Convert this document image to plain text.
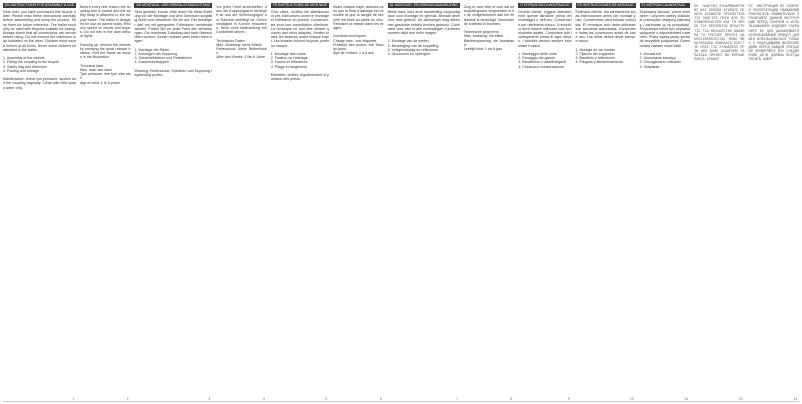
EN INSTRUCTIONS FOR ASSEMBLY & USE
Dear user, you have purchased this bicycle trailer. Please read these instructions carefully before assembling and using the product. Keep them for future reference. The trailer must only be used with bicycles suitable for towing. Always check that all connections are secure before riding. Do not exceed the maximum load indicated on the label. Children must wear a helmet at all times. Never leave children unattended in the trailer.

1. Assembly of the wheels
2. Fitting the coupling to the bicycle
3. Safety flag and reflectors
4. Folding and storage

Maintenance: check tyre pressure, spokes and the coupling regularly. Clean with mild soapy water only.
1
Before every ride ensure the coupling arm is locked and the safety strap is attached to the bicycle frame. The trailer is designed for use on paved roads. Reduce speed on bends and slopes. Do not ride in the dark without lights.

Packing up: remove the wheels by pressing the quick release buttons. Fold the frame as shown in the illustration.

Technical data
Max. load: see label
Tyre pressure: see tyre side wall
Age of child: 1 to 6 years
2
DE MONTAGE- UND GEBRAUCHSANLEITUNG
Sehr geehrter Kunde, bitte lesen Sie diese Anleitung vor der Montage und dem Gebrauch sorgfältig durch und bewahren Sie sie auf. Der Anhänger darf nur mit geeigneten Fahrrädern verwendet werden. Prüfen Sie vor jeder Fahrt alle Verbindungen. Die maximale Zuladung darf nicht überschritten werden. Kinder müssen stets einen Helm tragen.

1. Montage der Räder
2. Anbringen der Kupplung
3. Sicherheitsfahne und Reflektoren
4. Zusammenklappen

Wartung: Reifendruck, Speichen und Kupplung regelmäßig prüfen.
3
Vor jeder Fahrt sicherstellen, dass der Kupplungsarm verriegelt ist und der Sicherungsgurt am Rahmen befestigt ist. Geschwindigkeit in Kurven reduzieren. Nicht ohne Beleuchtung bei Dunkelheit fahren.

Technische Daten
Max. Zuladung: siehe Etikett
Reifendruck: siehe Reifenflanke
Alter des Kindes: 1 bis 6 Jahre
4
FR INSTRUCTIONS DE MONTAGE
Cher client, veuillez lire attentivement ces instructions avant le montage et l'utilisation du produit. Conservez-les pour une consultation ultérieure. La remorque ne doit être utilisée qu'avec des vélos adaptés. Vérifiez toutes les fixations avant chaque trajet. Les enfants doivent toujours porter un casque.

1. Montage des roues
2. Fixation de l'attelage
3. Fanion et réflecteurs
4. Pliage et rangement

Entretien: vérifiez régulièrement la pression des pneus.
5
Avant chaque trajet, assurez-vous que le bras d'attelage est verrouillé et que la sangle de sécurité est fixée au cadre du vélo. Réduisez la vitesse dans les virages.

Données techniques
Charge max.: voir étiquette
Pression des pneus: voir flanc du pneu
Âge de l'enfant: 1 à 6 ans
6
NL MONTAGE- EN GEBRUIKSAANWIJZING
Beste klant, lees deze handleiding zorgvuldig door voor montage en gebruik. Bewaar deze voor later gebruik. De aanhanger mag alleen met geschikte fietsen worden gebruikt. Controleer voor elke rit alle verbindingen. Kinderen moeten altijd een helm dragen.

1. Montage van de wielen
2. Bevestiging van de koppeling
3. Veiligheidsvlag en reflectoren
4. Opvouwen en opbergen
7
Zorg er voor elke rit voor dat de koppelingsarm vergrendeld is en de veiligheidsriem aan het fietsframe is bevestigd. Verminder de snelheid in bochten.

Technische gegevens
Max. belasting: zie etiket
Bandenspanning: zie bandwand
Leeftijd kind: 1 tot 6 jaar
8
IT ISTRUZIONI DI MONTAGGIO
Gentile cliente, leggere attentamente queste istruzioni prima del montaggio e dell'uso. Conservarle per riferimento futuro. Il rimorchio deve essere utilizzato solo con biciclette adatte. Controllare tutti i collegamenti prima di ogni utilizzo. I bambini devono sempre indossare il casco.

1. Montaggio delle ruote
2. Fissaggio del gancio
3. Bandierina e catarifrangenti
4. Chiusura e conservazione
9
ES INSTRUCCIONES DE MONTAJE
Estimado cliente, lea atentamente estas instrucciones antes del montaje y uso. Consérvelas para futuras consultas. El remolque solo debe utilizarse con bicicletas adecuadas. Compruebe todas las conexiones antes de cada uso. Los niños deben llevar siempre casco.

1. Montaje de las ruedas
2. Fijación del enganche
3. Banderín y reflectores
4. Plegado y almacenamiento
10
PL INSTRUKCJA MONTAŻU
Szanowny kliencie, przed montażem i użyciem należy dokładnie przeczytać niniejszą instrukcję i zachować ją na przyszłość. Przyczepka może być używana wyłącznie z odpowiednimi rowerami. Przed każdą jazdą sprawdź wszystkie połączenia. Dzieci muszą zawsze nosić kask.

1. Montaż kół
2. Mocowanie zaczepu
3. Chorągiewka i odblaski
4. Składanie
11
ΕΛ  ΟΔΗΓΙΕΣ ΣΥΝΑΡΜΟΛΟΓΗΣΗΣ ΚΑΙ ΧΡΗΣΗΣ ΑΓΑΠΗΤΕ ΠΕΛΑΤΗ ΔΙΑΒΑΣΤΕ ΠΡΟΣΕΚΤΙΚΑ ΤΙΣ ΟΔΗΓΙΕΣ ΠΡΙΝ ΑΠΟ ΤΗ ΣΥΝΑΡΜΟΛΟΓΗΣΗ ΚΑΙ ΤΗ ΧΡΗΣΗ ΤΟΥ ΠΡΟΪΟΝΤΟΣ ΦΥΛΑΞΤΕ ΤΙΣ ΓΙΑ ΜΕΛΛΟΝΤΙΚΗ ΑΝΑΦΟΡΑ ΤΟ ΤΡΕΙΛΕΡ ΠΡΕΠΕΙ ΝΑ ΧΡΗΣΙΜΟΠΟΙΕΙΤΑΙ ΜΟΝΟ ΜΕ ΚΑΤΑΛΛΗΛΑ ΠΟΔΗΛΑΤΑ ΕΛΕΓΞΤΕ ΟΛΕΣ ΤΙΣ ΣΥΝΔΕΣΕΙΣ ΠΡΙΝ ΑΠΟ ΚΑΘΕ ΔΙΑΔΡΟΜΗ ΤΑ ΠΑΙΔΙΑ ΠΡΕΠΕΙ ΝΑ ΦΟΡΑΝΕ ΠΑΝΤΑ ΚΡΑΝΟΣ
12
РУ  ИНСТРУКЦИЯ ПО СБОРКЕ И ЭКСПЛУАТАЦИИ УВАЖАЕМЫЙ ПОКУПАТЕЛЬ ВНИМАТЕЛЬНО ПРОЧИТАЙТЕ ДАННУЮ ИНСТРУКЦИЮ ПЕРЕД СБОРКОЙ И ИСПОЛЬЗОВАНИЕМ ИЗДЕЛИЯ СОХРАНИТЕ ЕЕ ДЛЯ ДАЛЬНЕЙШЕГО ИСПОЛЬЗОВАНИЯ ПРИЦЕП ДОЛЖЕН ИСПОЛЬЗОВАТЬСЯ ТОЛЬКО С ПОДХОДЯЩИМИ ВЕЛОСИПЕДАМИ ПЕРЕД КАЖДОЙ ПОЕЗДКОЙ ПРОВЕРЯЙТЕ ВСЕ СОЕДИНЕНИЯ ДЕТИ ДОЛЖНЫ ВСЕГДА НОСИТЬ ШЛЕМ
13
